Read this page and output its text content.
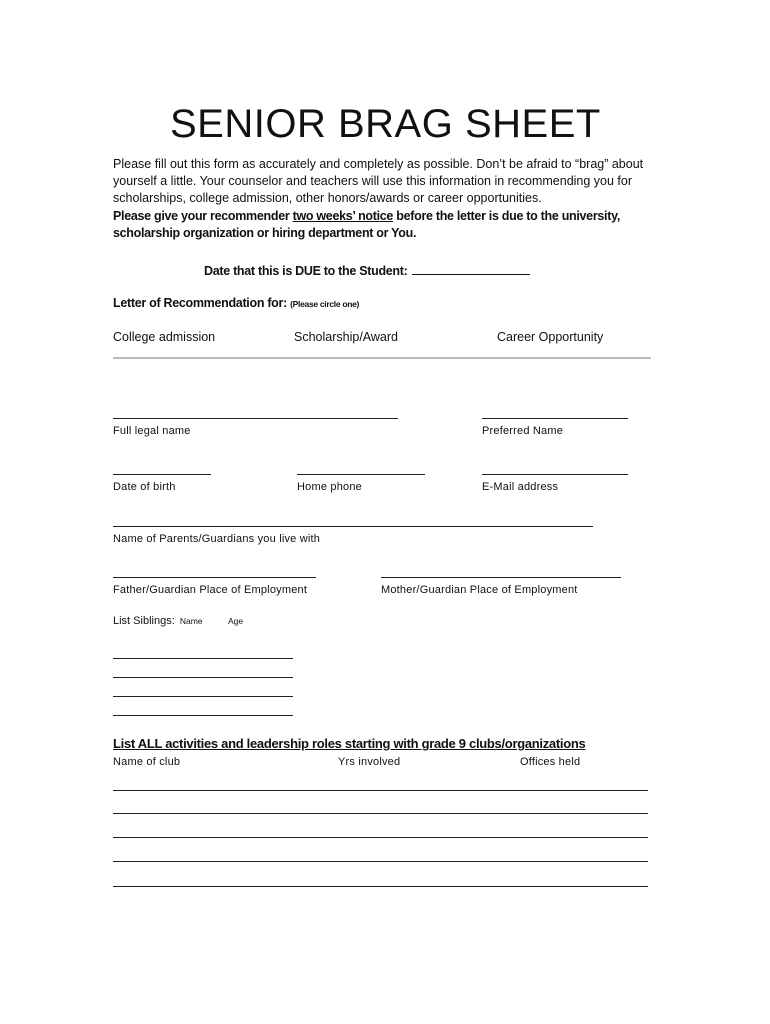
SENIOR BRAG SHEET
Please fill out this form as accurately and completely as possible. Don’t be afraid to “brag” about yourself a little. Your counselor and teachers will use this information in recommending you for scholarships, college admission, other honors/awards or career opportunities.
Please give your recommender two weeks’ notice before the letter is due to the university, scholarship organization or hiring department or You.
Date that this is DUE to the Student:
Letter of Recommendation for: (Please circle one)
College admission	Scholarship/Award	Career Opportunity
Full legal name	Preferred Name
Date of birth	Home phone	E-Mail address
Name of Parents/Guardians you live with
Father/Guardian Place of Employment	Mother/Guardian Place of Employment
List Siblings: Name	Age
List ALL activities and leadership roles starting with grade 9 clubs/organizations
Name of club	Yrs involved	Offices held
